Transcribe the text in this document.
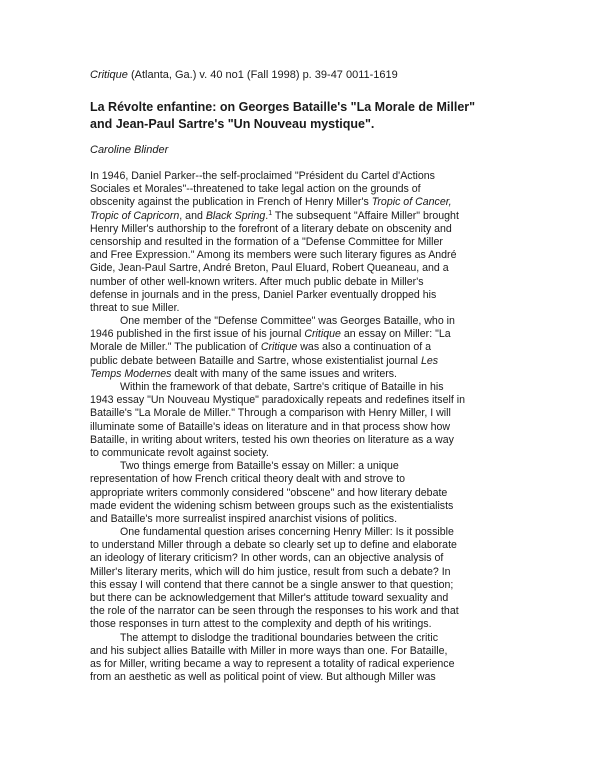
Critique (Atlanta, Ga.) v. 40 no1 (Fall 1998) p. 39-47 0011-1619
La Révolte enfantine: on Georges Bataille's "La Morale de Miller"
and Jean-Paul Sartre's "Un Nouveau mystique".
Caroline Blinder
In 1946, Daniel Parker--the self-proclaimed "Président du Cartel d'Actions
Sociales et Morales"--threatened to take legal action on the grounds of
obscenity against the publication in French of Henry Miller's Tropic of Cancer,
Tropic of Capricorn, and Black Spring.$^1$ The subsequent "Affaire Miller" brought
Henry Miller's authorship to the forefront of a literary debate on obscenity and
censorship and resulted in the formation of a "Defense Committee for Miller
and Free Expression." Among its members were such literary figures as André
Gide, Jean-Paul Sartre, André Breton, Paul Eluard, Robert Queaneau, and a
number of other well-known writers. After much public debate in Miller's
defense in journals and in the press, Daniel Parker eventually dropped his
threat to sue Miller.
One member of the "Defense Committee" was Georges Bataille, who in
1946 published in the first issue of his journal Critique an essay on Miller: "La
Morale de Miller." The publication of Critique was also a continuation of a
public debate between Bataille and Sartre, whose existentialist journal Les
Temps Modernes dealt with many of the same issues and writers.
Within the framework of that debate, Sartre's critique of Bataille in his
1943 essay "Un Nouveau Mystique" paradoxically repeats and redefines itself in
Bataille's "La Morale de Miller." Through a comparison with Henry Miller, I will
illuminate some of Bataille's ideas on literature and in that process show how
Bataille, in writing about writers, tested his own theories on literature as a way
to communicate revolt against society.
Two things emerge from Bataille's essay on Miller: a unique
representation of how French critical theory dealt with and strove to
appropriate writers commonly considered "obscene" and how literary debate
made evident the widening schism between groups such as the existentialists
and Bataille's more surrealist inspired anarchist visions of politics.
One fundamental question arises concerning Henry Miller: Is it possible
to understand Miller through a debate so clearly set up to define and elaborate
an ideology of literary criticism? In other words, can an objective analysis of
Miller's literary merits, which will do him justice, result from such a debate? In
this essay I will contend that there cannot be a single answer to that question;
but there can be acknowledgement that Miller's attitude toward sexuality and
the role of the narrator can be seen through the responses to his work and that
those responses in turn attest to the complexity and depth of his writings.
The attempt to dislodge the traditional boundaries between the critic
and his subject allies Bataille with Miller in more ways than one. For Bataille,
as for Miller, writing became a way to represent a totality of radical experience
from an aesthetic as well as political point of view. But although Miller was
